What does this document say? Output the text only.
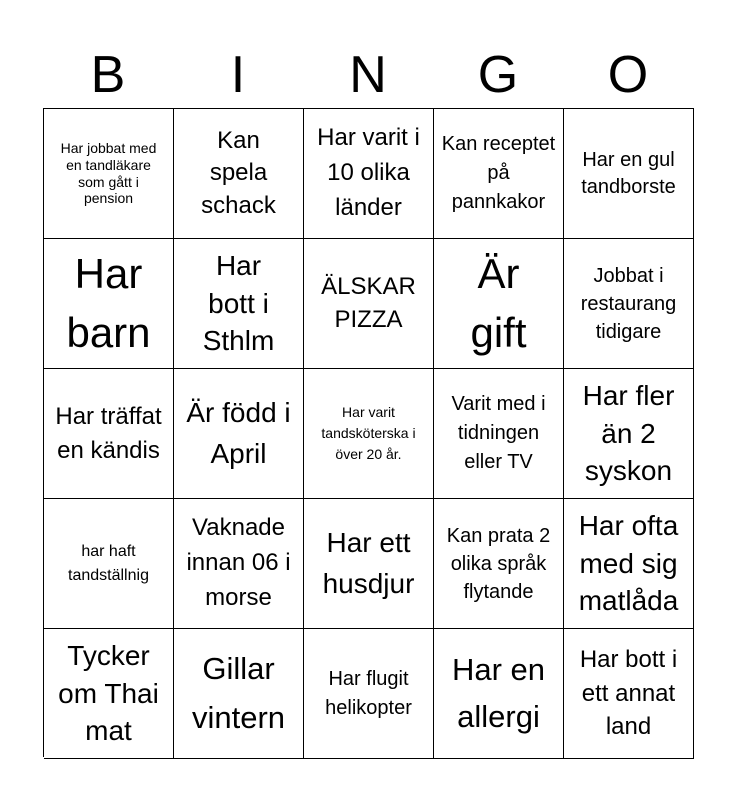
B	I	N	G	O
Har jobbat med en tandläkare som gått i pension
Kan spela schack
Har varit i 10 olika länder
Kan receptet på pannkakor
Har en gul tandborste
Har barn
Har bott i Sthlm
ÄLSKAR PIZZA
Är gift
Jobbat i restaurang tidigare
Har träffat en kändis
Är född i April
Har varit tandsköterska i över 20 år.
Varit med i tidningen eller TV
Har fler än 2 syskon
har haft tandställnig
Vaknade innan 06 i morse
Har ett husdjur
Kan prata 2 olika språk flytande
Har ofta med sig matlåda
Tycker om Thai mat
Gillar vintern
Har flugit helikopter
Har en allergi
Har bott i ett annat land
